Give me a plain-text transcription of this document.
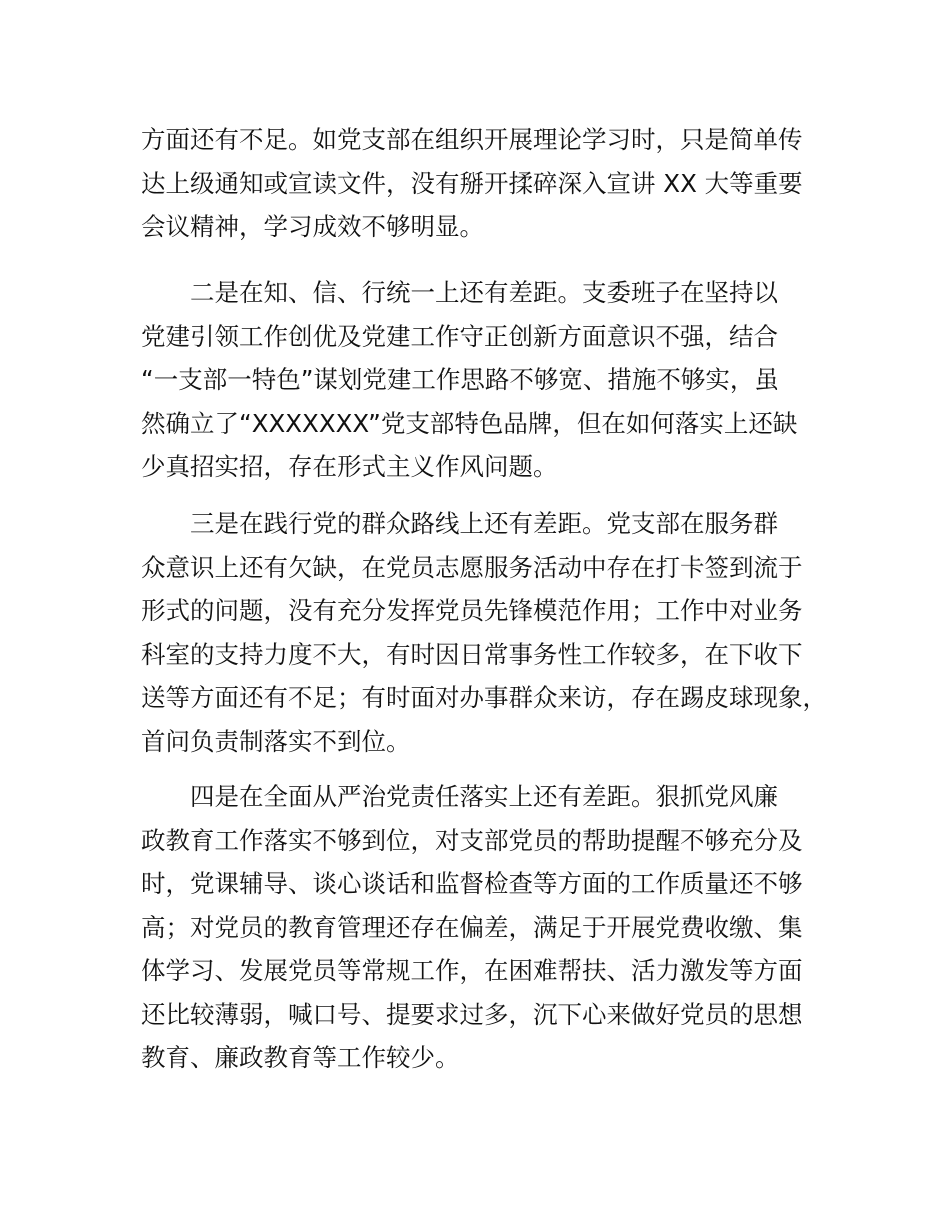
方面还有不足。如党支部在组织开展理论学习时，只是简单传
达上级通知或宣读文件，没有掰开揉碎深入宣讲 XX 大等重要
会议精神，学习成效不够明显。

二是在知、信、行统一上还有差距。支委班子在坚持以
党建引领工作创优及党建工作守正创新方面意识不强，结合
“一支部一特色”谋划党建工作思路不够宽、措施不够实，虽
然确立了“XXXXXXX”党支部特色品牌，但在如何落实上还缺
少真招实招，存在形式主义作风问题。

三是在践行党的群众路线上还有差距。党支部在服务群
众意识上还有欠缺，在党员志愿服务活动中存在打卡签到流于
形式的问题，没有充分发挥党员先锋模范作用；工作中对业务
科室的支持力度不大，有时因日常事务性工作较多，在下收下
送等方面还有不足；有时面对办事群众来访，存在踢皮球现象，
首问负责制落实不到位。

四是在全面从严治党责任落实上还有差距。狠抓党风廉
政教育工作落实不够到位，对支部党员的帮助提醒不够充分及
时，党课辅导、谈心谈话和监督检查等方面的工作质量还不够
高；对党员的教育管理还存在偏差，满足于开展党费收缴、集
体学习、发展党员等常规工作，在困难帮扶、活力激发等方面
还比较薄弱，喊口号、提要求过多，沉下心来做好党员的思想
教育、廉政教育等工作较少。
